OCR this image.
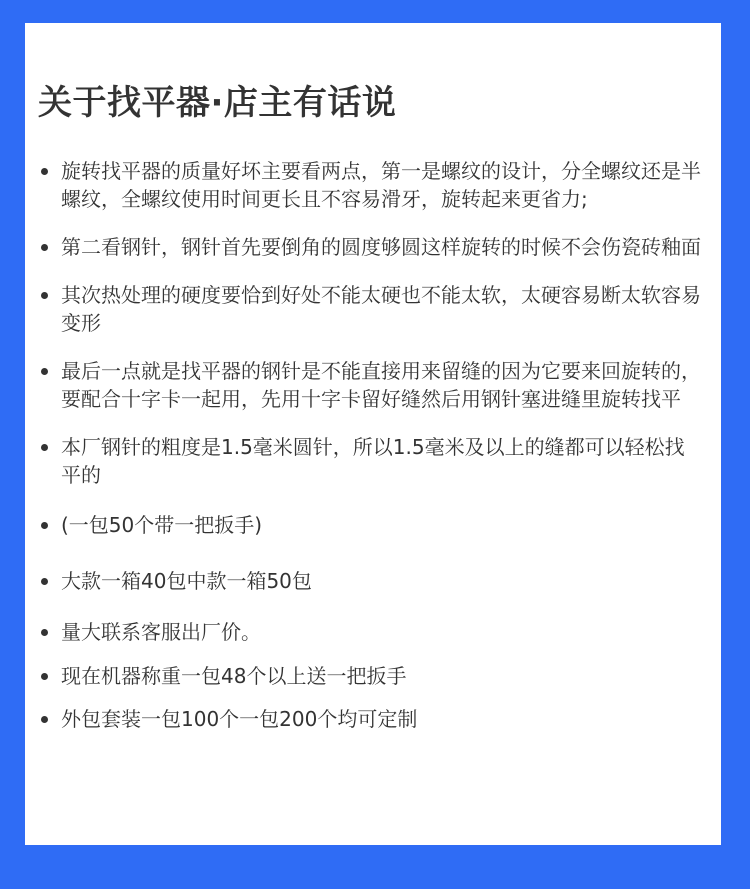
关于找平器·店主有话说
旋转找平器的质量好坏主要看两点，第一是螺纹的设计，分全螺纹还是半螺纹，全螺纹使用时间更长且不容易滑牙，旋转起来更省力;
第二看钢针，钢针首先要倒角的圆度够圆这样旋转的时候不会伤瓷砖釉面
其次热处理的硬度要恰到好处不能太硬也不能太软，太硬容易断太软容易变形
最后一点就是找平器的钢针是不能直接用来留缝的因为它要来回旋转的，要配合十字卡一起用，先用十字卡留好缝然后用钢针塞进缝里旋转找平
本厂钢针的粗度是1.5毫米圆针，所以1.5毫米及以上的缝都可以轻松找平的
(一包50个带一把扳手)
大款一箱40包中款一箱50包
量大联系客服出厂价。
现在机器称重一包48个以上送一把扳手
外包套装一包100个一包200个均可定制
